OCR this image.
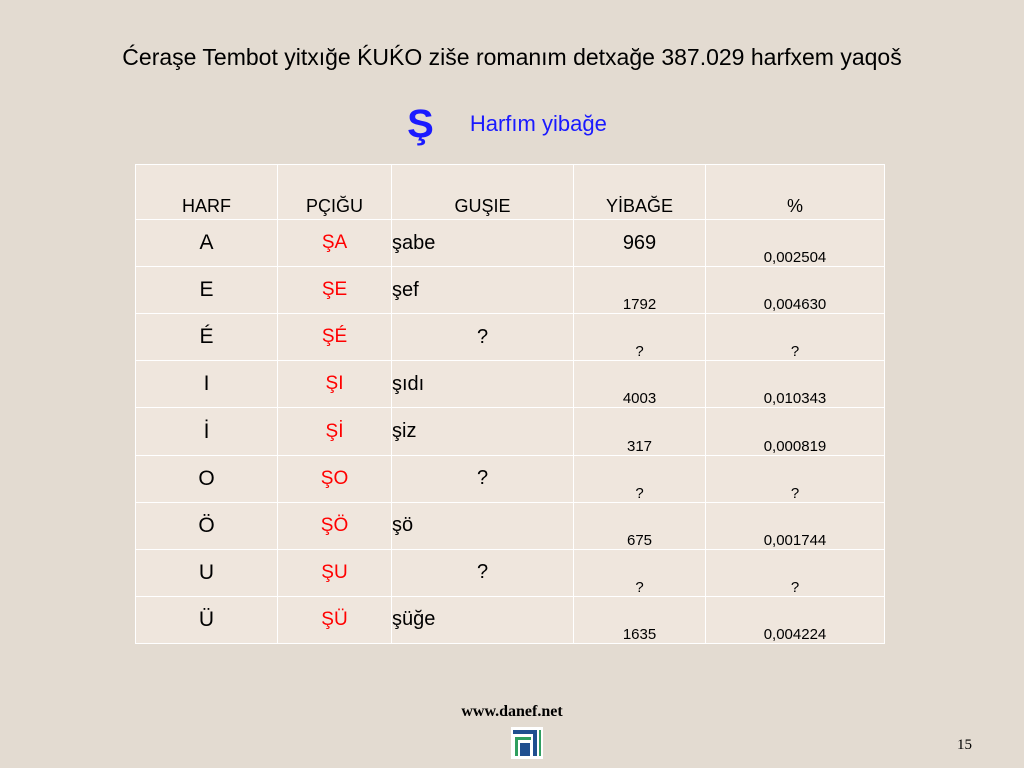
Ćeraşe Tembot yitxığe ḰUḰO ziše romanım detxağe 387.029 harfxem yaqoš
Ş Harfım yibağe
HARF	PÇIĞU	GUŞIE	YİBAĞE	%
A	ŞA	şabe	969	0,002504
E	ŞE	şef	1792	0,004630
É	ŞÉ	?	?	?
I	ŞI	şıdı	4003	0,010343
İ	Şİ	şiz	317	0,000819
O	ŞO	?	?	?
Ö	ŞÖ	şö	675	0,001744
U	ŞU	?	?	?
Ü	ŞÜ	şüğe	1635	0,004224
www.danef.net
15
